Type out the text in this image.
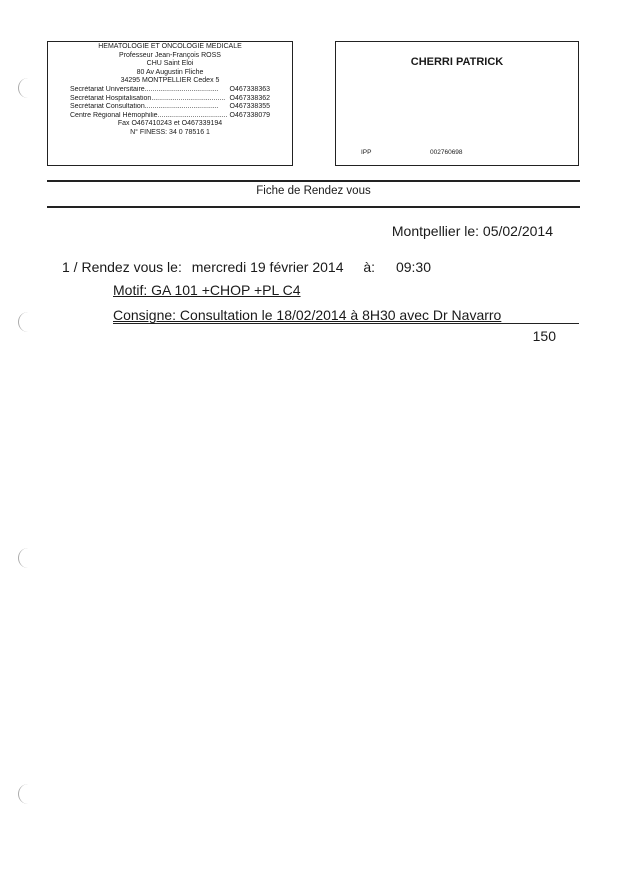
HEMATOLOGIE ET ONCOLOGIE MEDICALE
Professeur Jean-François ROSS
CHU Saint Eloi
80 Av Augustin Fliche
34295 MONTPELLIER Cedex 5
Secrétariat Universitaire .....	O467338363
Secrétariat Hospitalisation .....	O467338362
Secrétariat Consultation .....	O467338355
Centre Régional Hémophilie .....	O467338079
Fax O467410243 et O467339194
N° FINESS: 34 0 78516 1
CHERRI PATRICK
IPP	002760698
Fiche de Rendez vous
Montpellier le: 05/02/2014
1 / Rendez vous le: mercredi 19 février 2014 à: 09:30
Motif: GA 101 +CHOP +PL C4
Consigne: Consultation le 18/02/2014 à 8H30 avec Dr Navarro
150
